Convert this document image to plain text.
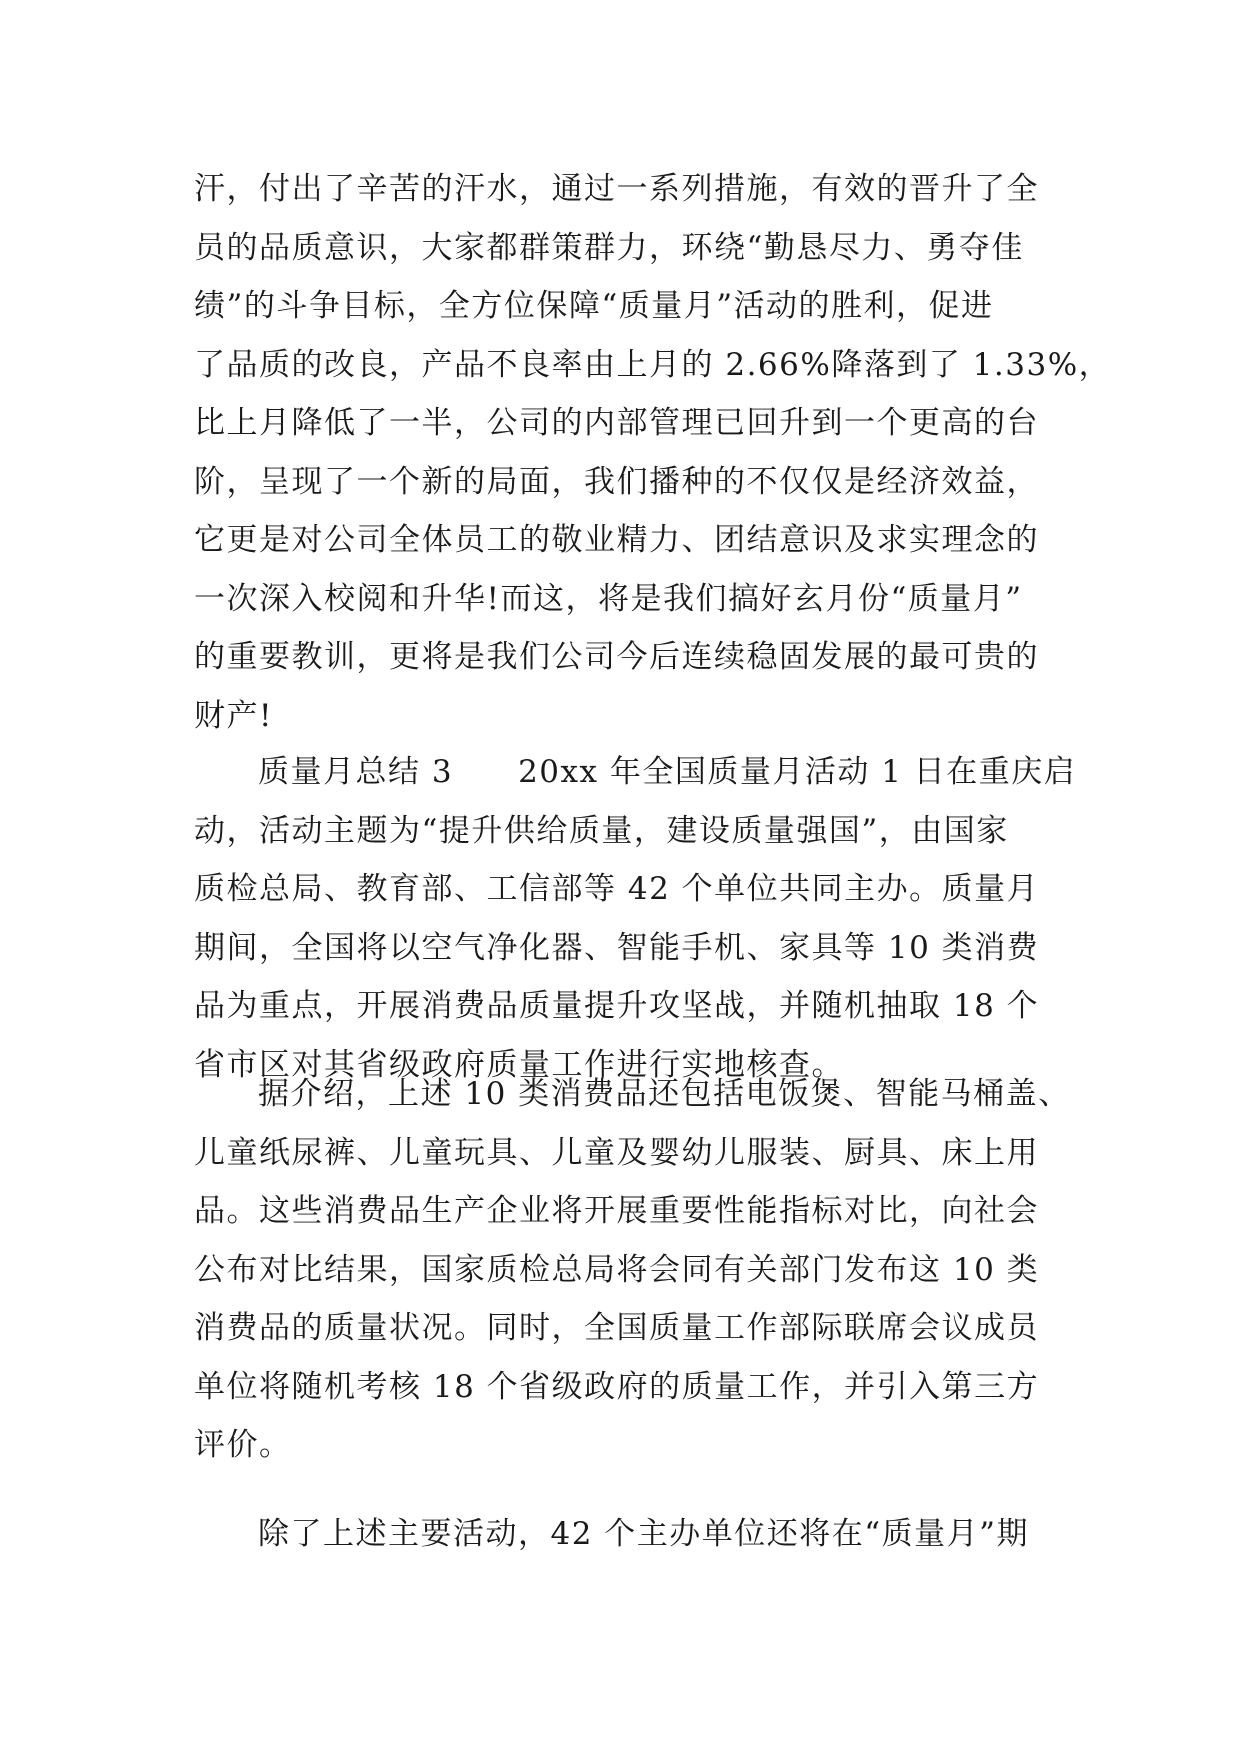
汗，付出了辛苦的汗水，通过一系列措施，有效的晋升了全
员的品质意识，大家都群策群力，环绕“勤恳尽力、勇夺佳
绩”的斗争目标，全方位保障“质量月”活动的胜利，促进
了品质的改良，产品不良率由上月的 2.66%降落到了 1.33%，
比上月降低了一半，公司的内部管理已回升到一个更高的台
阶，呈现了一个新的局面，我们播种的不仅仅是经济效益，
它更是对公司全体员工的敬业精力、团结意识及求实理念的
一次深入校阅和升华!而这，将是我们搞好玄月份“质量月”
的重要教训，更将是我们公司今后连续稳固发展的最可贵的
财产!
质量月总结 3　　20xx 年全国质量月活动 1 日在重庆启
动，活动主题为“提升供给质量，建设质量强国”，由国家
质检总局、教育部、工信部等 42 个单位共同主办。质量月
期间，全国将以空气净化器、智能手机、家具等 10 类消费
品为重点，开展消费品质量提升攻坚战，并随机抽取 18 个
省市区对其省级政府质量工作进行实地核查。
据介绍，上述 10 类消费品还包括电饭煲、智能马桶盖、
儿童纸尿裤、儿童玩具、儿童及婴幼儿服装、厨具、床上用
品。这些消费品生产企业将开展重要性能指标对比，向社会
公布对比结果，国家质检总局将会同有关部门发布这 10 类
消费品的质量状况。同时，全国质量工作部际联席会议成员
单位将随机考核 18 个省级政府的质量工作，并引入第三方
评价。
除了上述主要活动，42 个主办单位还将在“质量月”期
